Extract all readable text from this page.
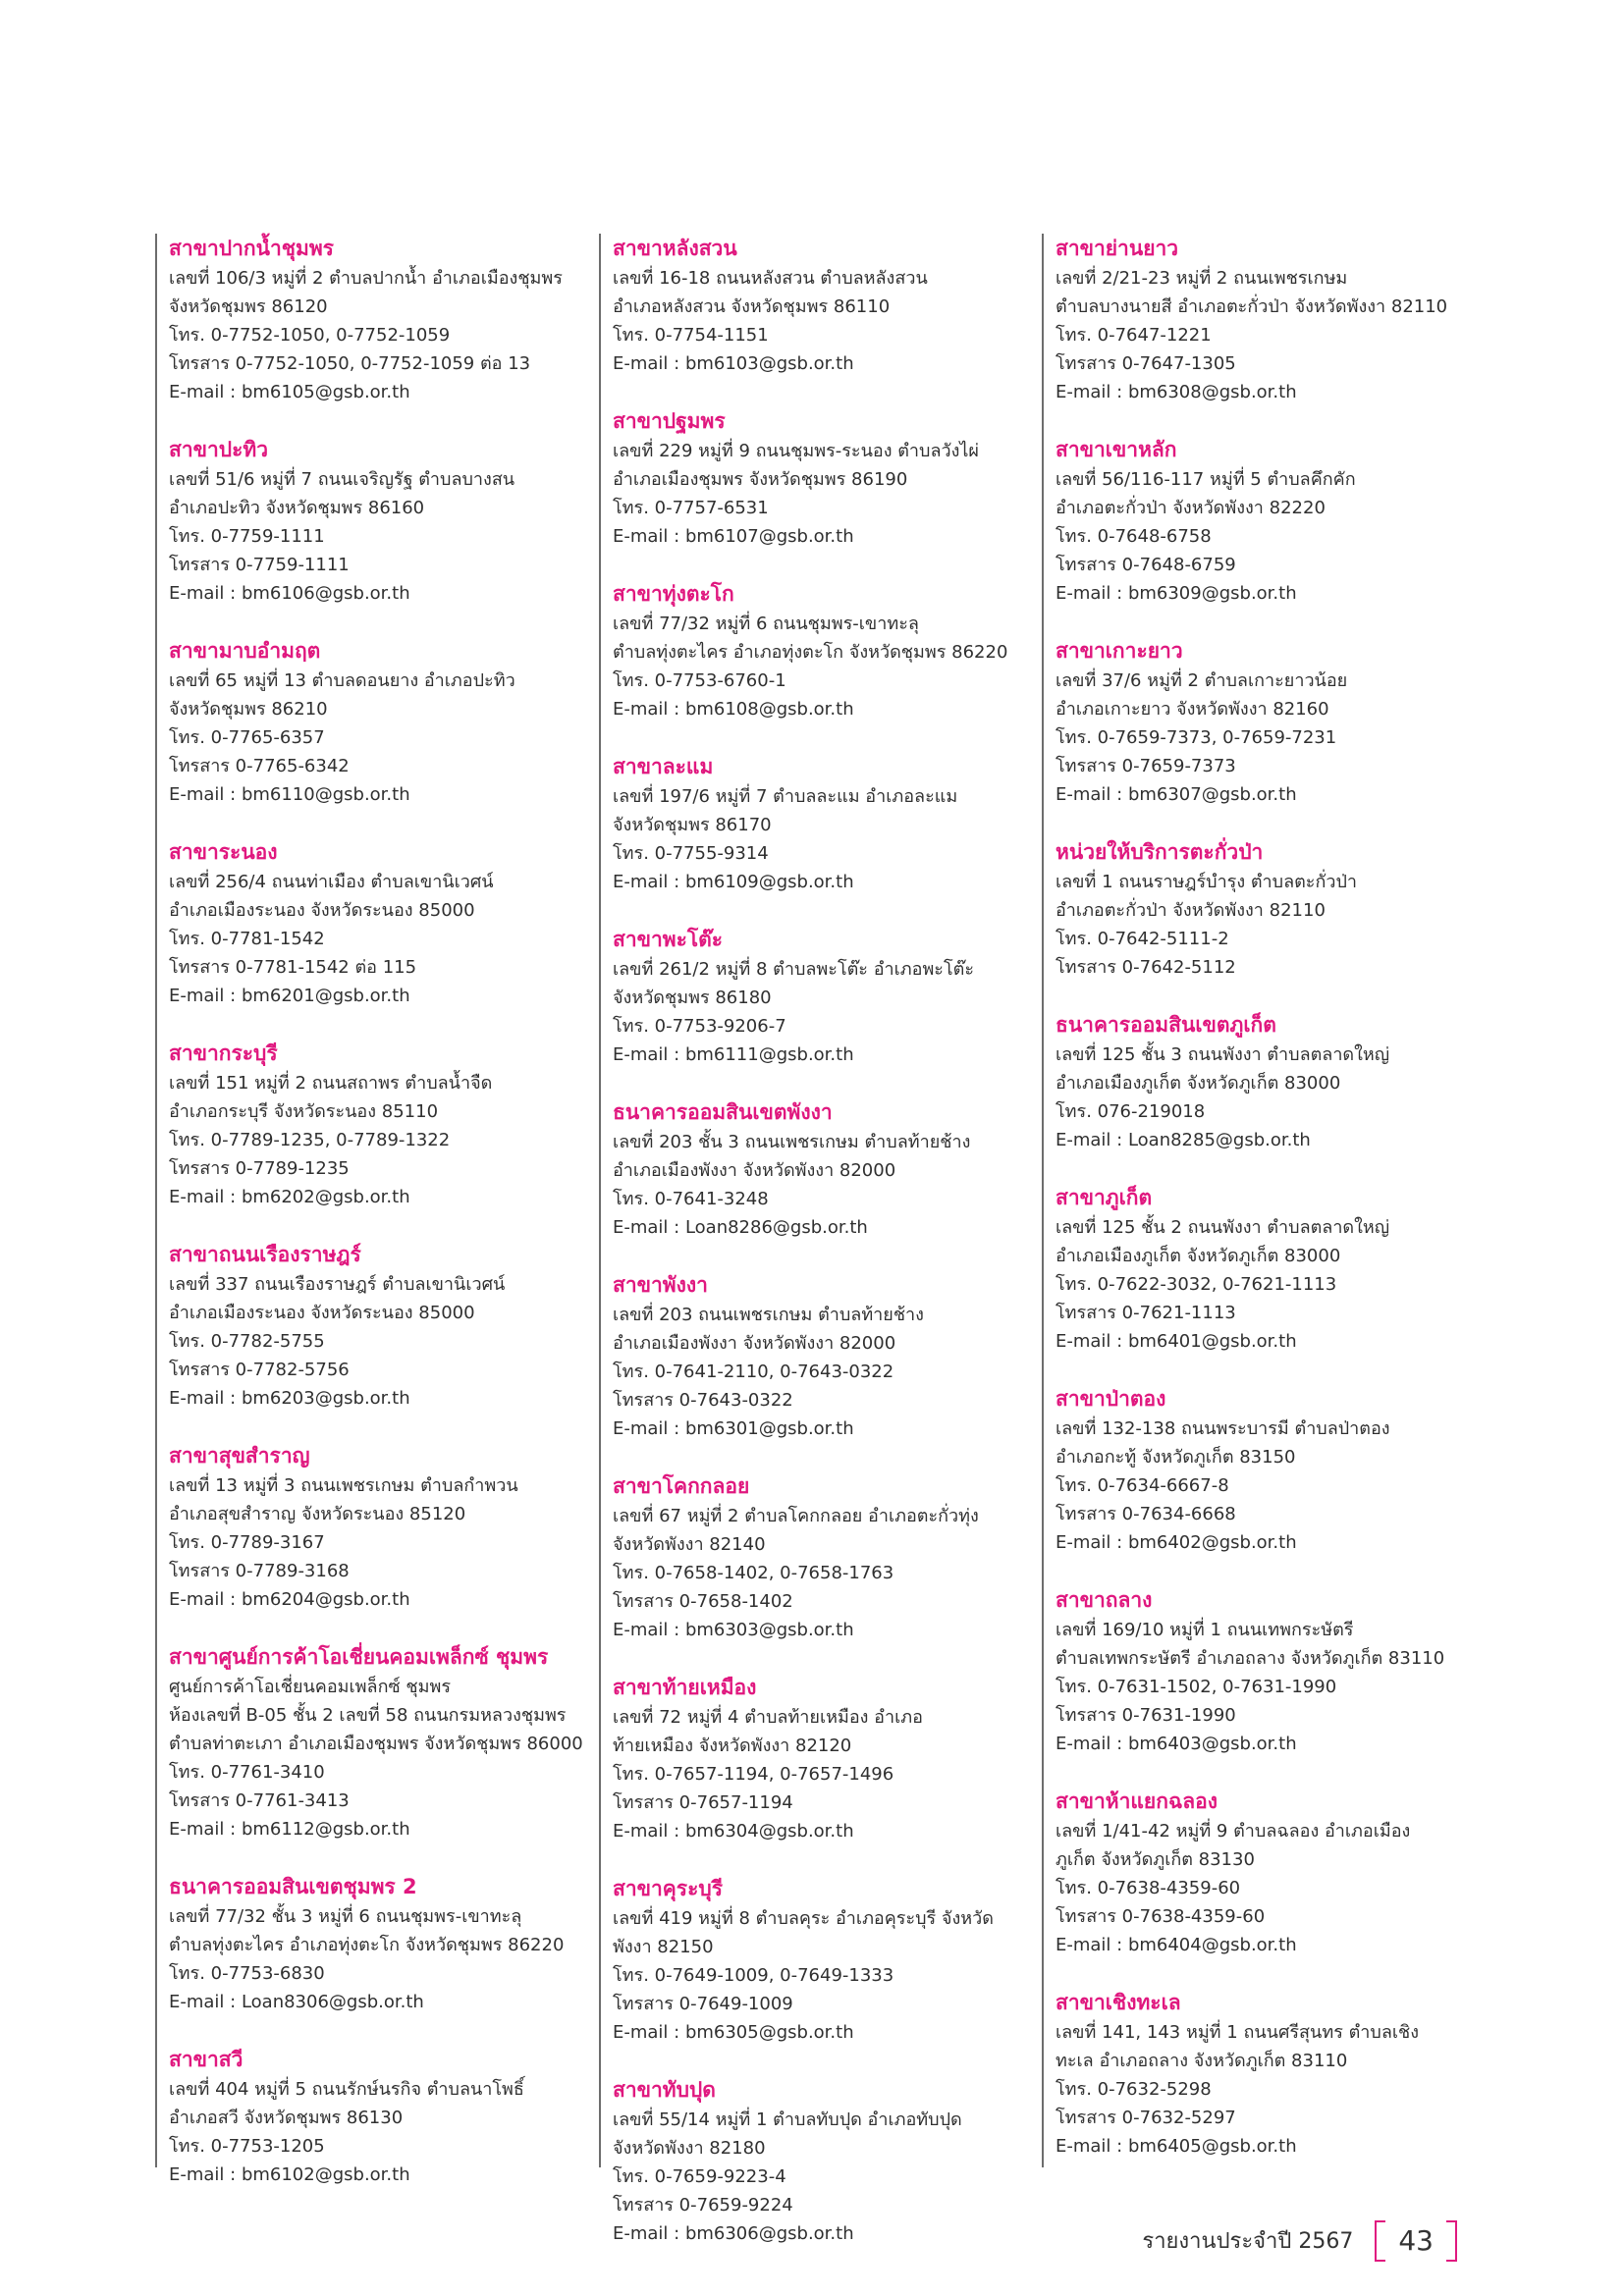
สาขาปากน้ำชุมพร
เลขที่ 106/3 หมู่ที่ 2 ตำบลปากน้ำ อำเภอเมืองชุมพร
จังหวัดชุมพร 86120
โทร. 0-7752-1050, 0-7752-1059
โทรสาร 0-7752-1050, 0-7752-1059 ต่อ 13
E-mail : bm6105@gsb.or.th
สาขาปะทิว
เลขที่ 51/6 หมู่ที่ 7 ถนนเจริญรัฐ ตำบลบางสน
อำเภอปะทิว จังหวัดชุมพร 86160
โทร. 0-7759-1111
โทรสาร 0-7759-1111
E-mail : bm6106@gsb.or.th
สาขามาบอำมฤต
เลขที่ 65 หมู่ที่ 13 ตำบลดอนยาง อำเภอปะทิว
จังหวัดชุมพร 86210
โทร. 0-7765-6357
โทรสาร 0-7765-6342
E-mail : bm6110@gsb.or.th
สาขาระนอง
เลขที่ 256/4 ถนนท่าเมือง ตำบลเขานิเวศน์
อำเภอเมืองระนอง จังหวัดระนอง 85000
โทร. 0-7781-1542
โทรสาร 0-7781-1542 ต่อ 115
E-mail : bm6201@gsb.or.th
สาขากระบุรี
เลขที่ 151 หมู่ที่ 2 ถนนสถาพร ตำบลน้ำจืด
อำเภอกระบุรี จังหวัดระนอง 85110
โทร. 0-7789-1235, 0-7789-1322
โทรสาร 0-7789-1235
E-mail : bm6202@gsb.or.th
สาขาถนนเรืองราษฎร์
เลขที่ 337 ถนนเรืองราษฎร์ ตำบลเขานิเวศน์
อำเภอเมืองระนอง จังหวัดระนอง 85000
โทร. 0-7782-5755
โทรสาร 0-7782-5756
E-mail : bm6203@gsb.or.th
สาขาสุขสำราญ
เลขที่ 13 หมู่ที่ 3 ถนนเพชรเกษม ตำบลกำพวน
อำเภอสุขสำราญ จังหวัดระนอง 85120
โทร. 0-7789-3167
โทรสาร 0-7789-3168
E-mail : bm6204@gsb.or.th
สาขาศูนย์การค้าโอเชี่ยนคอมเพล็กซ์ ชุมพร
ศูนย์การค้าโอเชี่ยนคอมเพล็กซ์ ชุมพร
ห้องเลขที่ B-05 ชั้น 2 เลขที่ 58 ถนนกรมหลวงชุมพร
ตำบลท่าตะเภา อำเภอเมืองชุมพร จังหวัดชุมพร 86000
โทร. 0-7761-3410
โทรสาร 0-7761-3413
E-mail : bm6112@gsb.or.th
ธนาคารออมสินเขตชุมพร 2
เลขที่ 77/32 ชั้น 3 หมู่ที่ 6 ถนนชุมพร-เขาทะลุ
ตำบลทุ่งตะไคร อำเภอทุ่งตะโก จังหวัดชุมพร 86220
โทร. 0-7753-6830
E-mail : Loan8306@gsb.or.th
สาขาสวี
เลขที่ 404 หมู่ที่ 5 ถนนรักษ์นรกิจ ตำบลนาโพธิ์
อำเภอสวี จังหวัดชุมพร 86130
โทร. 0-7753-1205
E-mail : bm6102@gsb.or.th
สาขาหลังสวน
เลขที่ 16-18 ถนนหลังสวน ตำบลหลังสวน
อำเภอหลังสวน จังหวัดชุมพร 86110
โทร. 0-7754-1151
E-mail : bm6103@gsb.or.th
สาขาปฐมพร
เลขที่ 229 หมู่ที่ 9 ถนนชุมพร-ระนอง ตำบลวังไผ่
อำเภอเมืองชุมพร จังหวัดชุมพร 86190
โทร. 0-7757-6531
E-mail : bm6107@gsb.or.th
สาขาทุ่งตะโก
เลขที่ 77/32 หมู่ที่ 6 ถนนชุมพร-เขาทะลุ
ตำบลทุ่งตะไคร อำเภอทุ่งตะโก จังหวัดชุมพร 86220
โทร. 0-7753-6760-1
E-mail : bm6108@gsb.or.th
สาขาละแม
เลขที่ 197/6 หมู่ที่ 7 ตำบลละแม อำเภอละแม
จังหวัดชุมพร 86170
โทร. 0-7755-9314
E-mail : bm6109@gsb.or.th
สาขาพะโต๊ะ
เลขที่ 261/2 หมู่ที่ 8 ตำบลพะโต๊ะ อำเภอพะโต๊ะ
จังหวัดชุมพร 86180
โทร. 0-7753-9206-7
E-mail : bm6111@gsb.or.th
ธนาคารออมสินเขตพังงา
เลขที่ 203 ชั้น 3 ถนนเพชรเกษม ตำบลท้ายช้าง
อำเภอเมืองพังงา จังหวัดพังงา 82000
โทร. 0-7641-3248
E-mail : Loan8286@gsb.or.th
สาขาพังงา
เลขที่ 203 ถนนเพชรเกษม ตำบลท้ายช้าง
อำเภอเมืองพังงา จังหวัดพังงา 82000
โทร. 0-7641-2110, 0-7643-0322
โทรสาร 0-7643-0322
E-mail : bm6301@gsb.or.th
สาขาโคกกลอย
เลขที่ 67 หมู่ที่ 2 ตำบลโคกกลอย อำเภอตะกั่วทุ่ง
จังหวัดพังงา 82140
โทร. 0-7658-1402, 0-7658-1763
โทรสาร 0-7658-1402
E-mail : bm6303@gsb.or.th
สาขาท้ายเหมือง
เลขที่ 72 หมู่ที่ 4 ตำบลท้ายเหมือง อำเภอ
ท้ายเหมือง จังหวัดพังงา 82120
โทร. 0-7657-1194, 0-7657-1496
โทรสาร 0-7657-1194
E-mail : bm6304@gsb.or.th
สาขาคุระบุรี
เลขที่ 419 หมู่ที่ 8 ตำบลคุระ อำเภอคุระบุรี จังหวัด
พังงา 82150
โทร. 0-7649-1009, 0-7649-1333
โทรสาร 0-7649-1009
E-mail : bm6305@gsb.or.th
สาขาทับปุด
เลขที่ 55/14 หมู่ที่ 1 ตำบลทับปุด อำเภอทับปุด
จังหวัดพังงา 82180
โทร. 0-7659-9223-4
โทรสาร 0-7659-9224
E-mail : bm6306@gsb.or.th
สาขาย่านยาว
เลขที่ 2/21-23 หมู่ที่ 2 ถนนเพชรเกษม
ตำบลบางนายสี อำเภอตะกั่วป่า จังหวัดพังงา 82110
โทร. 0-7647-1221
โทรสาร 0-7647-1305
E-mail : bm6308@gsb.or.th
สาขาเขาหลัก
เลขที่ 56/116-117 หมู่ที่ 5 ตำบลคึกคัก
อำเภอตะกั่วป่า จังหวัดพังงา 82220
โทร. 0-7648-6758
โทรสาร 0-7648-6759
E-mail : bm6309@gsb.or.th
สาขาเกาะยาว
เลขที่ 37/6 หมู่ที่ 2 ตำบลเกาะยาวน้อย
อำเภอเกาะยาว จังหวัดพังงา 82160
โทร. 0-7659-7373, 0-7659-7231
โทรสาร 0-7659-7373
E-mail : bm6307@gsb.or.th
หน่วยให้บริการตะกั่วป่า
เลขที่ 1 ถนนราษฎร์บำรุง ตำบลตะกั่วป่า
อำเภอตะกั่วป่า จังหวัดพังงา 82110
โทร. 0-7642-5111-2
โทรสาร 0-7642-5112
ธนาคารออมสินเขตภูเก็ต
เลขที่ 125 ชั้น 3 ถนนพังงา ตำบลตลาดใหญ่
อำเภอเมืองภูเก็ต จังหวัดภูเก็ต 83000
โทร. 076-219018
E-mail : Loan8285@gsb.or.th
สาขาภูเก็ต
เลขที่ 125 ชั้น 2 ถนนพังงา ตำบลตลาดใหญ่
อำเภอเมืองภูเก็ต จังหวัดภูเก็ต 83000
โทร. 0-7622-3032, 0-7621-1113
โทรสาร 0-7621-1113
E-mail : bm6401@gsb.or.th
สาขาป่าตอง
เลขที่ 132-138 ถนนพระบารมี ตำบลป่าตอง
อำเภอกะทู้ จังหวัดภูเก็ต 83150
โทร. 0-7634-6667-8
โทรสาร 0-7634-6668
E-mail : bm6402@gsb.or.th
สาขาถลาง
เลขที่ 169/10 หมู่ที่ 1 ถนนเทพกระษัตรี
ตำบลเทพกระษัตรี อำเภอถลาง จังหวัดภูเก็ต 83110
โทร. 0-7631-1502, 0-7631-1990
โทรสาร 0-7631-1990
E-mail : bm6403@gsb.or.th
สาขาห้าแยกฉลอง
เลขที่ 1/41-42 หมู่ที่ 9 ตำบลฉลอง อำเภอเมือง
ภูเก็ต จังหวัดภูเก็ต 83130
โทร. 0-7638-4359-60
โทรสาร 0-7638-4359-60
E-mail : bm6404@gsb.or.th
สาขาเชิงทะเล
เลขที่ 141, 143 หมู่ที่ 1 ถนนศรีสุนทร ตำบลเชิง
ทะเล อำเภอถลาง จังหวัดภูเก็ต 83110
โทร. 0-7632-5298
โทรสาร 0-7632-5297
E-mail : bm6405@gsb.or.th
รายงานประจำปี 2567 43
